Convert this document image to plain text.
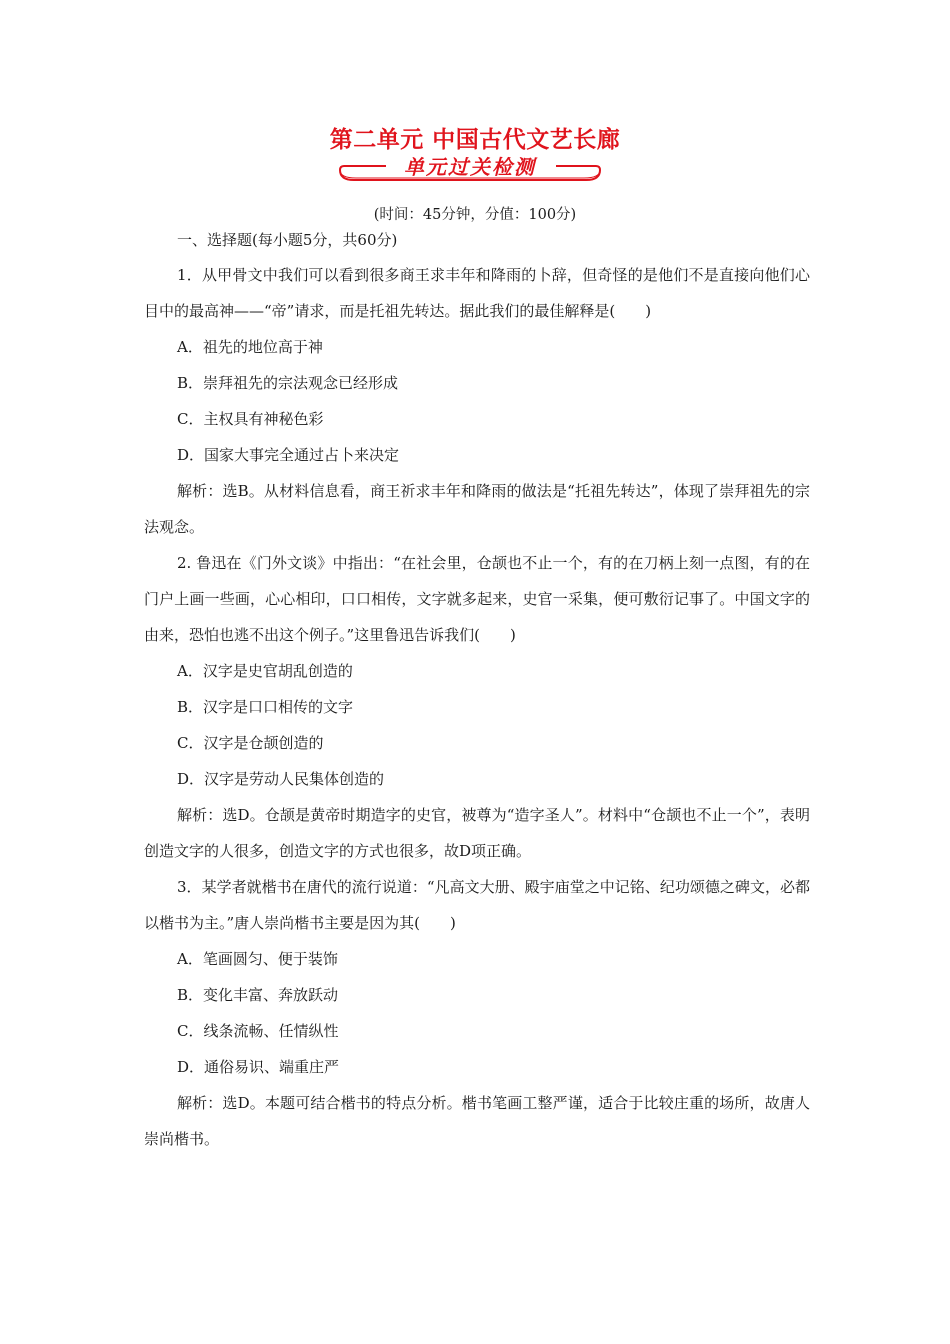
第二单元 中国古代文艺长廊
单元过关检测
(时间：45分钟，分值：100分)
一、选择题(每小题5分，共60分)

1．从甲骨文中我们可以看到很多商王求丰年和降雨的卜辞，但奇怪的是他们不是直接向他们心目中的最高神——“帝”请求，而是托祖先转达。据此我们的最佳解释是(　　)

A．祖先的地位高于神
B．崇拜祖先的宗法观念已经形成
C．主权具有神秘色彩
D．国家大事完全通过占卜来决定

解析：选B。从材料信息看，商王祈求丰年和降雨的做法是“托祖先转达”，体现了崇拜祖先的宗法观念。

2. 鲁迅在《门外文谈》中指出：“在社会里，仓颉也不止一个，有的在刀柄上刻一点图，有的在门户上画一些画，心心相印，口口相传，文字就多起来，史官一采集，便可敷衍记事了。中国文字的由来，恐怕也逃不出这个例子。”这里鲁迅告诉我们(　　)

A．汉字是史官胡乱创造的
B．汉字是口口相传的文字
C．汉字是仓颉创造的
D．汉字是劳动人民集体创造的

解析：选D。仓颉是黄帝时期造字的史官，被尊为“造字圣人”。材料中“仓颉也不止一个”，表明创造文字的人很多，创造文字的方式也很多，故D项正确。

3．某学者就楷书在唐代的流行说道：“凡高文大册、殿宇庙堂之中记铭、纪功颂德之碑文，必都以楷书为主。”唐人崇尚楷书主要是因为其(　　)

A．笔画圆匀、便于装饰
B．变化丰富、奔放跃动
C．线条流畅、任情纵性
D．通俗易识、端重庄严

解析：选D。本题可结合楷书的特点分析。楷书笔画工整严谨，适合于比较庄重的场所，故唐人崇尚楷书。
